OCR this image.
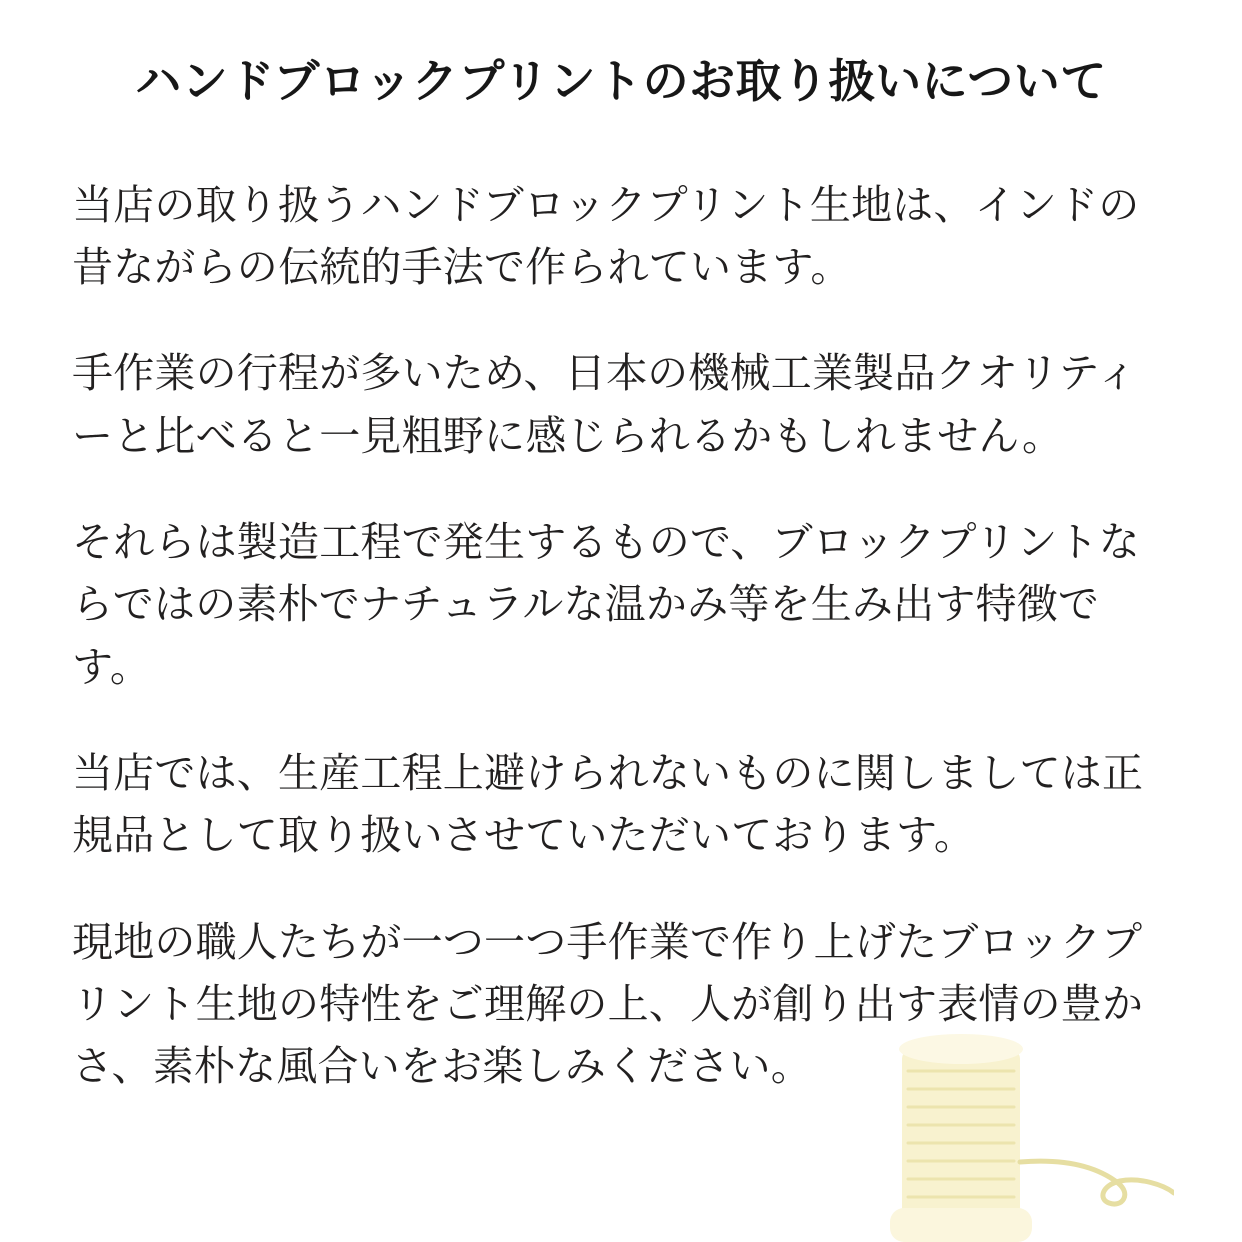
ハンドブロックプリントのお取り扱いについて

当店の取り扱うハンドブロックプリント生地は、インドの昔ながらの伝統的手法で作られています。

手作業の行程が多いため、日本の機械工業製品クオリティーと比べると一見粗野に感じられるかもしれません。

それらは製造工程で発生するもので、ブロックプリントならではの素朴でナチュラルな温かみ等を生み出す特徴です。

当店では、生産工程上避けられないものに関しましては正規品として取り扱いさせていただいております。

現地の職人たちが一つ一つ手作業で作り上げたブロックプリント生地の特性をご理解の上、人が創り出す表情の豊かさ、素朴な風合いをお楽しみください。
